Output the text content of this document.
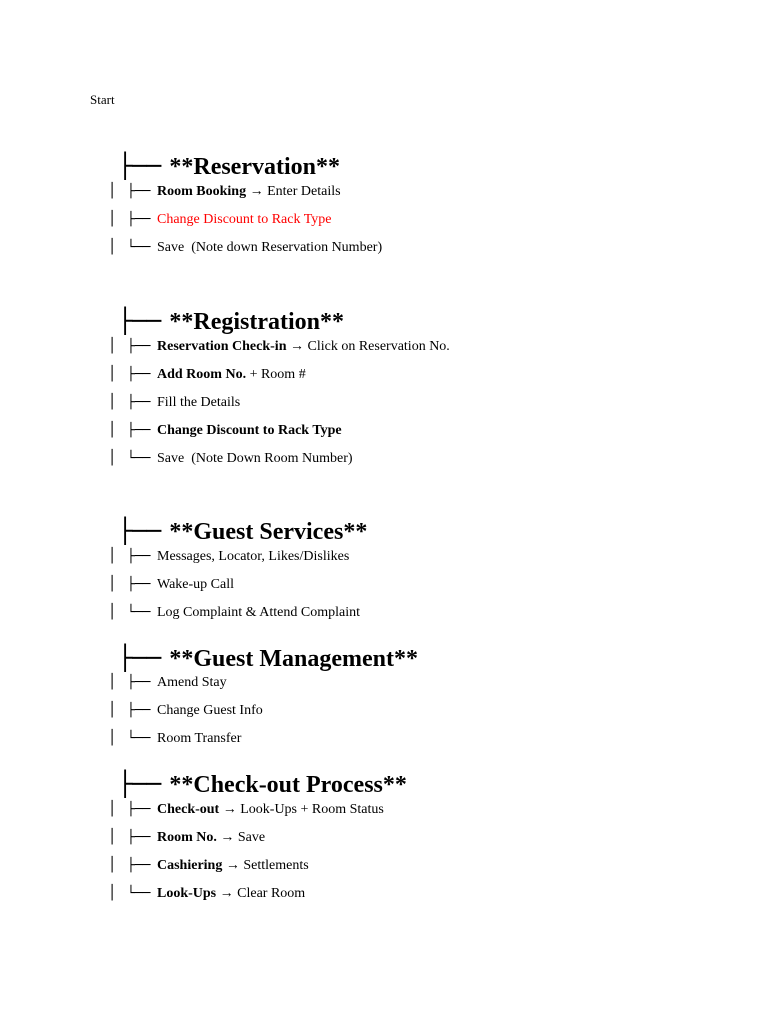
Start

├── **Reservation**

│ ├── Room Booking → Enter Details

│ ├── Change Discount to Rack Type

│ └── Save  (Note down Reservation Number)

├── **Registration**

│ ├── Reservation Check-in → Click on Reservation No.

│ ├── Add Room No. + Room #

│ ├── Fill the Details

│ ├── Change Discount to Rack Type

│ └── Save  (Note Down Room Number)

├── **Guest Services**

│ ├── Messages, Locator, Likes/Dislikes

│ ├── Wake-up Call

│ └── Log Complaint & Attend Complaint

├── **Guest Management**

│ ├── Amend Stay

│ ├── Change Guest Info

│ └── Room Transfer

├── **Check-out Process**

│ ├── Check-out → Look-Ups + Room Status

│ ├── Room No. → Save

│ ├── Cashiering → Settlements

│ └── Look-Ups → Clear Room
